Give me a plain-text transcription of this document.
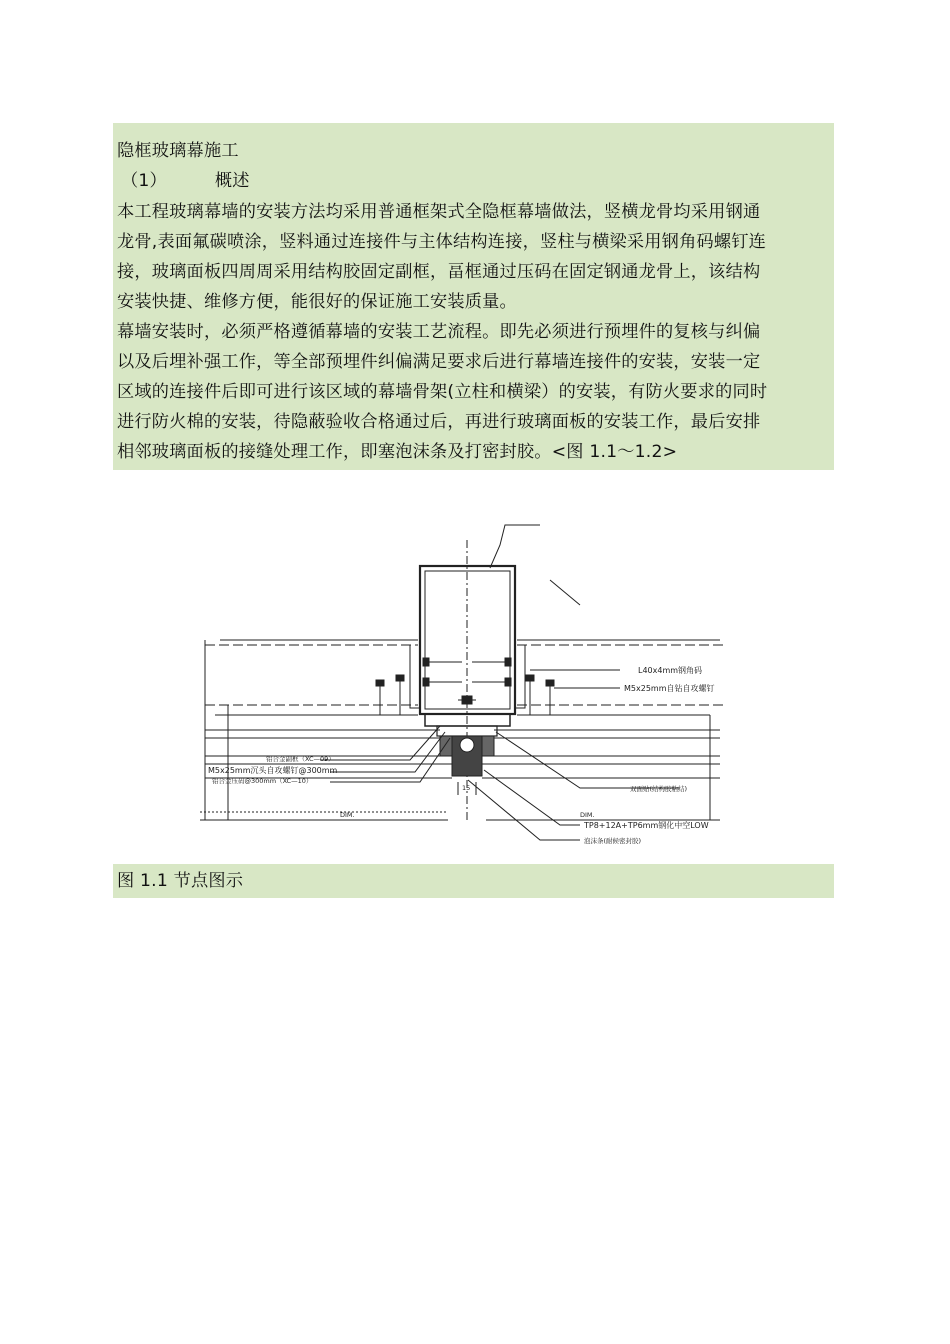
隐框玻璃幕施工
（1）	概述
本工程玻璃幕墙的安装方法均采用普通框架式全隐框幕墙做法，竖横龙骨均采用钢通
龙骨,表面氟碳喷涂，竖料通过连接件与主体结构连接，竖柱与横梁采用钢角码螺钉连
接，玻璃面板四周周采用结构胶固定副框，畐框通过压码在固定钢通龙骨上，该结构
安装快捷、维修方便，能很好的保证施工安装质量。
幕墙安装时，必须严格遵循幕墙的安装工艺流程。即先必须进行预埋件的复核与纠偏
以及后埋补强工作，等全部预埋件纠偏满足要求后进行幕墙连接件的安装，安装一定
区域的连接件后即可进行该区域的幕墙骨架(立柱和横梁）的安装，有防火要求的同时
进行防火棉的安装，待隐蔽验收合格通过后，再进行玻璃面板的安装工作，最后安排
相邻玻璃面板的接缝处理工作，即塞泡沫条及打密封胶。<图 1.1〜1.2>
L40x4mm钢角码
M5x25mm自钻自攻螺钉
铝合金副框（XC—09）
M5x25mm沉头自攻螺钉@300mm
铝合金压码@300mm（XC—10）
双面贴(结构胶粘结)
TP8+12A+TP6mm钢化中空LOW
泡沫条(耐候密封胶)
DIM.	DIM.
15
图 1.1 节点图示
